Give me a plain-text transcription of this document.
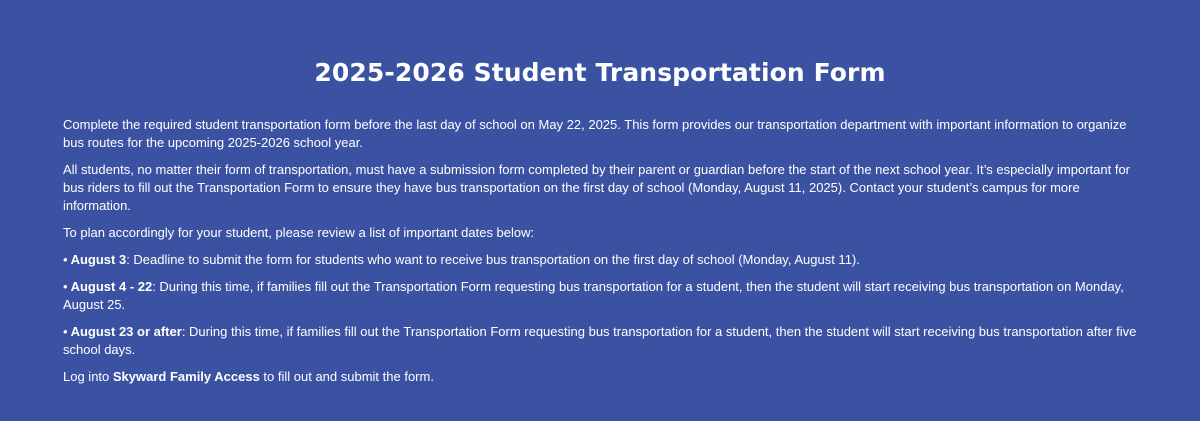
2025-2026 Student Transportation Form

Complete the required student transportation form before the last day of school on May 22, 2025. This form provides our transportation department with important information to organize bus routes for the upcoming 2025-2026 school year.

All students, no matter their form of transportation, must have a submission form completed by their parent or guardian before the start of the next school year. It’s especially important for bus riders to fill out the Transportation Form to ensure they have bus transportation on the first day of school (Monday, August 11, 2025). Contact your student’s campus for more information.

To plan accordingly for your student, please review a list of important dates below:

• August 3: Deadline to submit the form for students who want to receive bus transportation on the first day of school (Monday, August 11).

• August 4 - 22: During this time, if families fill out the Transportation Form requesting bus transportation for a student, then the student will start receiving bus transportation on Monday, August 25.

• August 23 or after: During this time, if families fill out the Transportation Form requesting bus transportation for a student, then the student will start receiving bus transportation after five school days.

Log into Skyward Family Access to fill out and submit the form.
